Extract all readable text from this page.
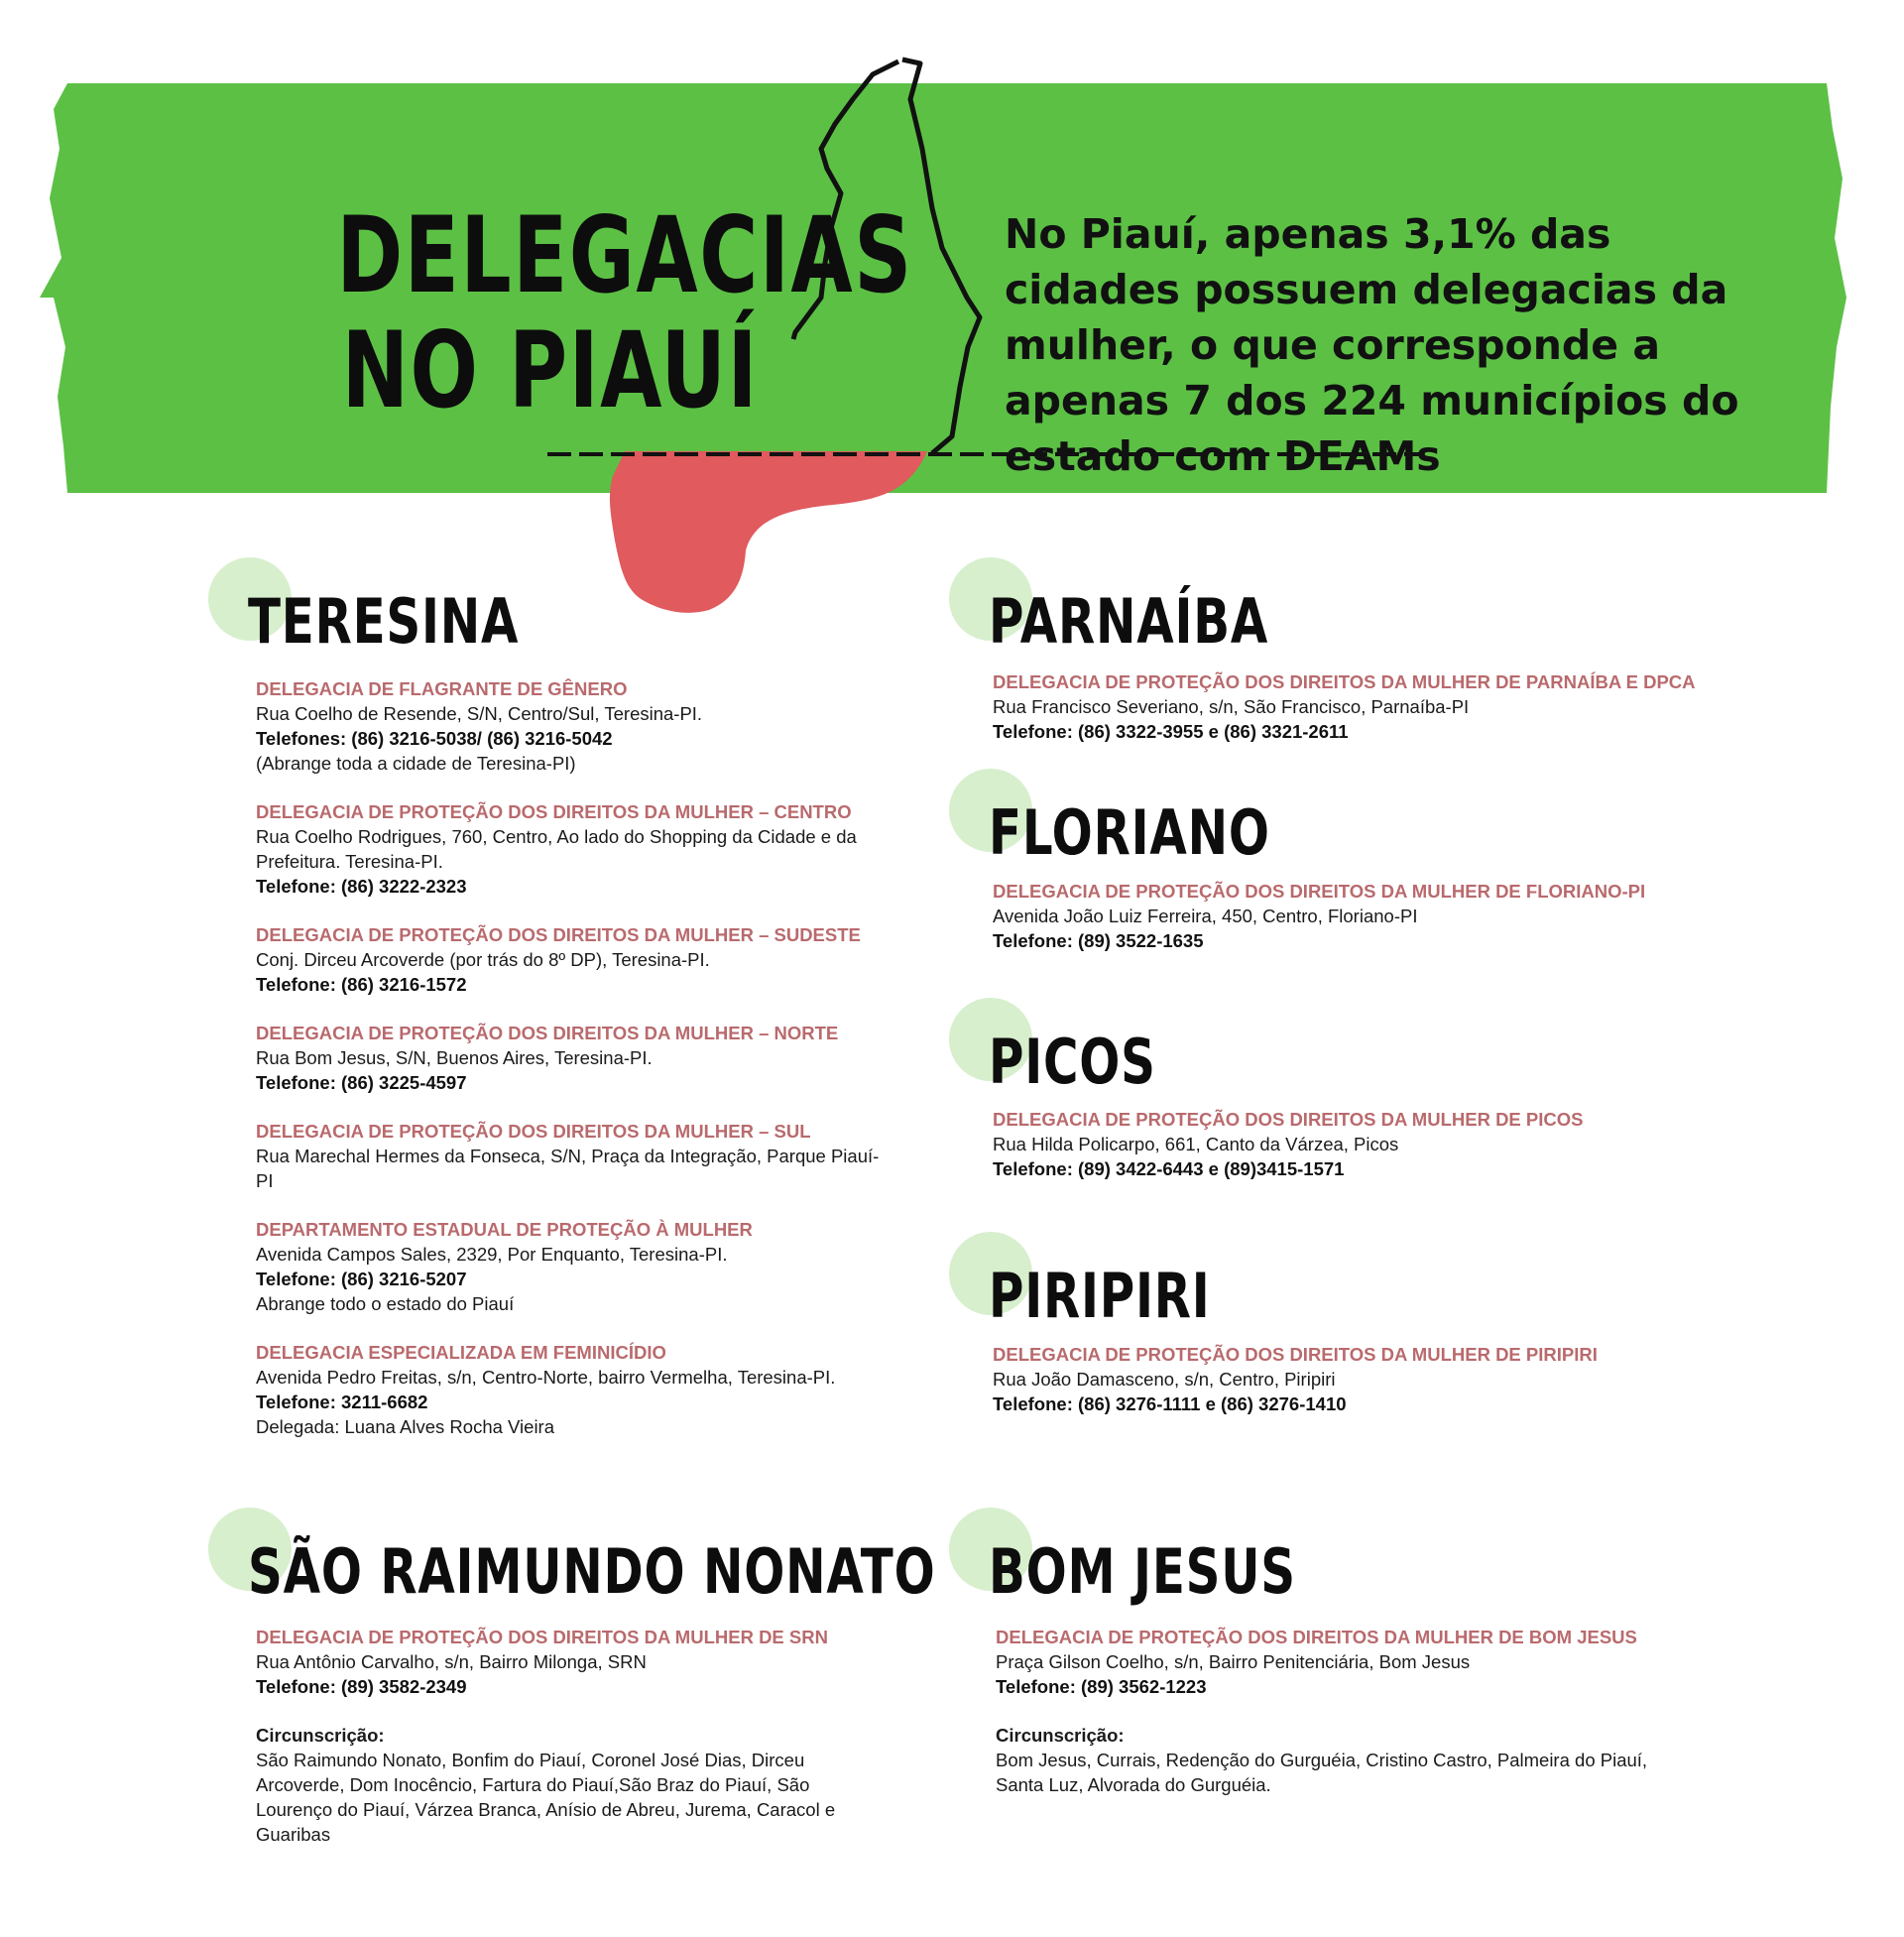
DELEGACIAS
NO PIAUÍ
No Piauí, apenas 3,1% das cidades possuem delegacias da mulher, o que corresponde a apenas 7 dos 224 municípios do estado com DEAMs
TERESINA
DELEGACIA DE FLAGRANTE DE GÊNERO
Rua Coelho de Resende, S/N, Centro/Sul, Teresina-PI.
Telefones: (86) 3216-5038/ (86) 3216-5042
(Abrange toda a cidade de Teresina-PI)
DELEGACIA DE PROTEÇÃO DOS DIREITOS DA MULHER – CENTRO
Rua Coelho Rodrigues, 760, Centro, Ao lado do Shopping da Cidade e da Prefeitura. Teresina-PI.
Telefone: (86) 3222-2323
DELEGACIA DE PROTEÇÃO DOS DIREITOS DA MULHER – SUDESTE
Conj. Dirceu Arcoverde (por trás do 8º DP), Teresina-PI.
Telefone: (86) 3216-1572
DELEGACIA DE PROTEÇÃO DOS DIREITOS DA MULHER – NORTE
Rua Bom Jesus, S/N, Buenos Aires, Teresina-PI.
Telefone: (86) 3225-4597
DELEGACIA DE PROTEÇÃO DOS DIREITOS DA MULHER – SUL
Rua Marechal Hermes da Fonseca, S/N, Praça da Integração, Parque Piauí-PI
DEPARTAMENTO ESTADUAL DE PROTEÇÃO À MULHER
Avenida Campos Sales, 2329, Por Enquanto, Teresina-PI.
Telefone: (86) 3216-5207
Abrange todo o estado do Piauí
DELEGACIA ESPECIALIZADA EM FEMINICÍDIO
Avenida Pedro Freitas, s/n, Centro-Norte, bairro Vermelha, Teresina-PI.
Telefone: 3211-6682
Delegada: Luana Alves Rocha Vieira
PARNAÍBA
DELEGACIA DE PROTEÇÃO DOS DIREITOS DA MULHER DE PARNAÍBA E DPCA
Rua Francisco Severiano, s/n, São Francisco, Parnaíba-PI
Telefone: (86) 3322-3955 e (86) 3321-2611
FLORIANO
DELEGACIA DE PROTEÇÃO DOS DIREITOS DA MULHER DE FLORIANO-PI
Avenida João Luiz Ferreira, 450, Centro, Floriano-PI
Telefone: (89) 3522-1635
PICOS
DELEGACIA DE PROTEÇÃO DOS DIREITOS DA MULHER DE PICOS
Rua Hilda Policarpo, 661, Canto da Várzea, Picos
Telefone: (89) 3422-6443 e (89)3415-1571
PIRIPIRI
DELEGACIA DE PROTEÇÃO DOS DIREITOS DA MULHER DE PIRIPIRI
Rua João Damasceno, s/n, Centro, Piripiri
Telefone: (86) 3276-1111 e (86) 3276-1410
SÃO RAIMUNDO NONATO
DELEGACIA DE PROTEÇÃO DOS DIREITOS DA MULHER DE SRN
Rua Antônio Carvalho, s/n, Bairro Milonga, SRN
Telefone: (89) 3582-2349
Circunscrição:
São Raimundo Nonato, Bonfim do Piauí, Coronel José Dias, Dirceu Arcoverde, Dom Inocêncio, Fartura do Piauí,São Braz do Piauí, São Lourenço do Piauí, Várzea Branca, Anísio de Abreu, Jurema, Caracol e Guaribas
BOM JESUS
DELEGACIA DE PROTEÇÃO DOS DIREITOS DA MULHER DE BOM JESUS
Praça Gilson Coelho, s/n, Bairro Penitenciária, Bom Jesus
Telefone: (89) 3562-1223
Circunscrição:
Bom Jesus, Currais, Redenção do Gurguéia, Cristino Castro, Palmeira do Piauí, Santa Luz, Alvorada do Gurguéia.
